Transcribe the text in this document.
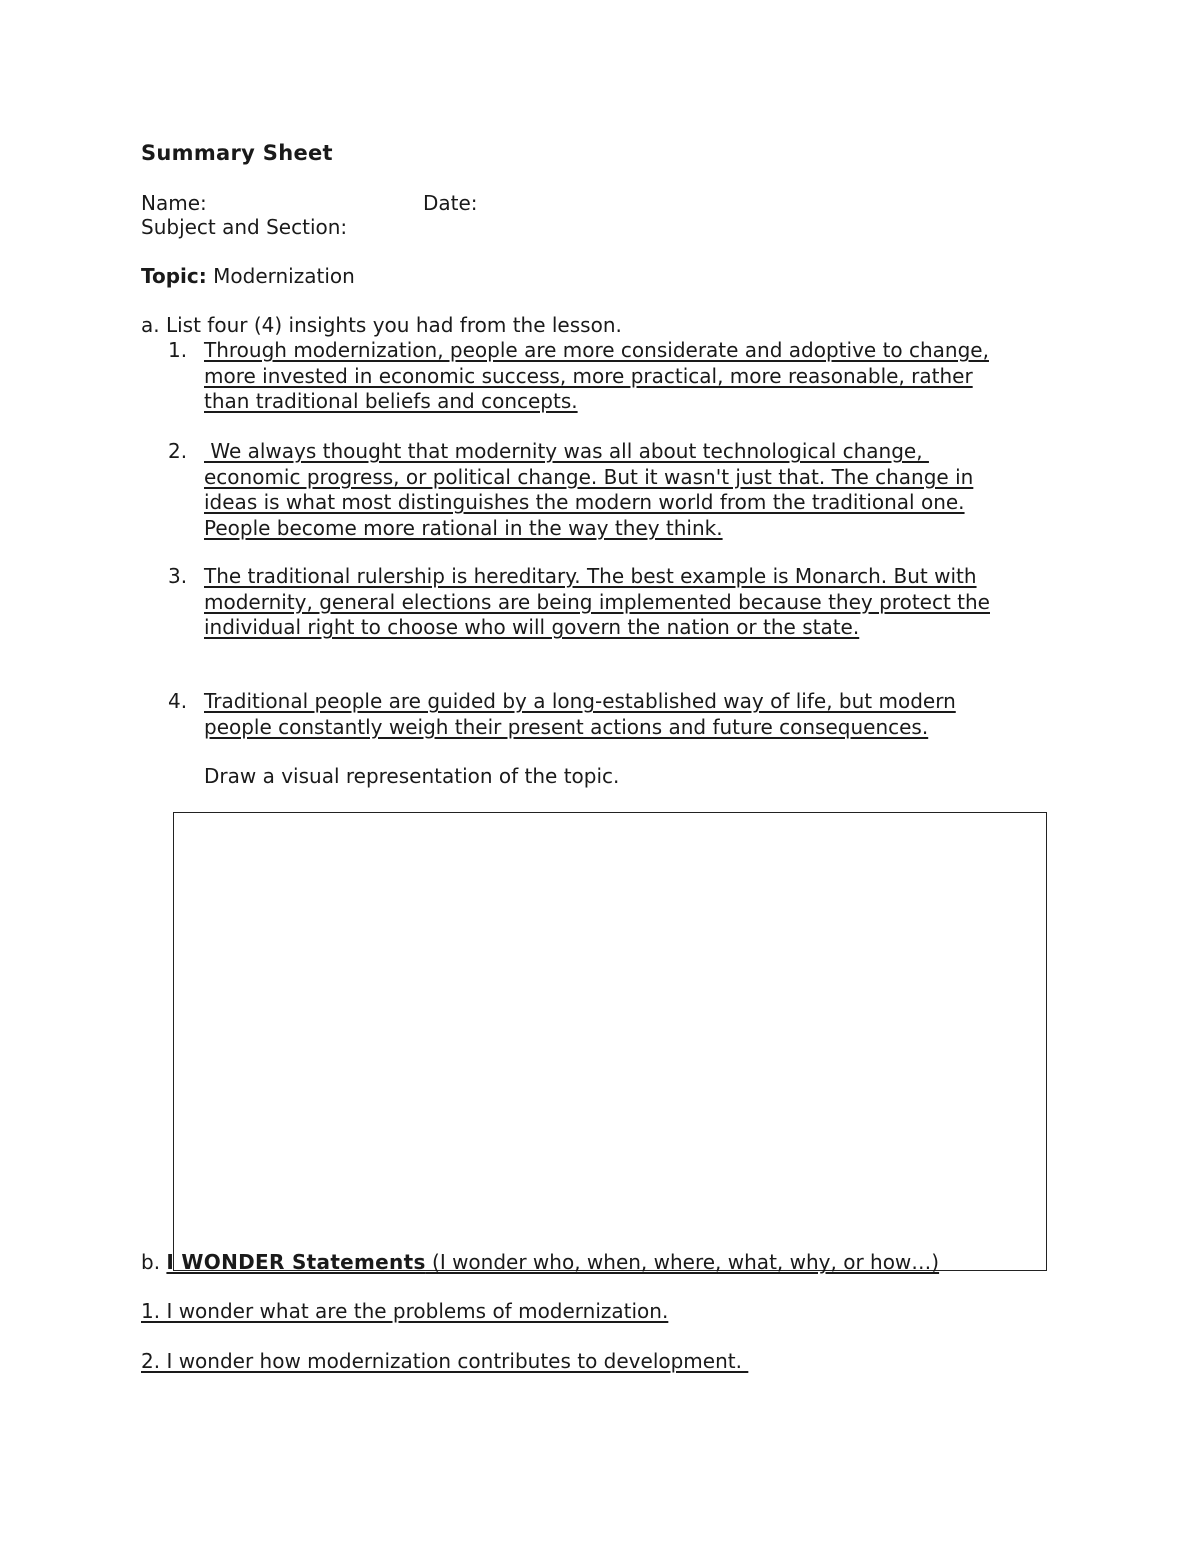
Summary Sheet
Name:	Date:
Subject and Section:
Topic: Modernization
a. List four (4) insights you had from the lesson.
1. Through modernization, people are more considerate and adoptive to change,
more invested in economic success, more practical, more reasonable, rather
than traditional beliefs and concepts.
2. We always thought that modernity was all about technological change,
economic progress, or political change. But it wasn't just that. The change in
ideas is what most distinguishes the modern world from the traditional one.
People become more rational in the way they think.
3. The traditional rulership is hereditary. The best example is Monarch. But with
modernity, general elections are being implemented because they protect the
individual right to choose who will govern the nation or the state.
4. Traditional people are guided by a long-established way of life, but modern
people constantly weigh their present actions and future consequences.
Draw a visual representation of the topic.
b. I WONDER Statements (I wonder who, when, where, what, why, or how…)
1. I wonder what are the problems of modernization.
2. I wonder how modernization contributes to development.
